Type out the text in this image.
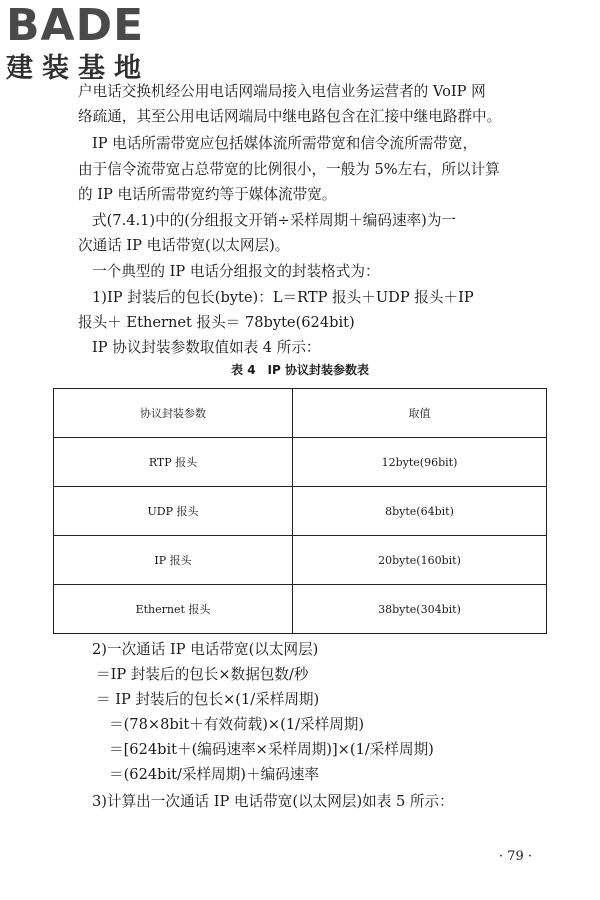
BADE
建装基地
户电话交换机经公用电话网端局接入电信业务运营者的 VoIP 网
络疏通，其至公用电话网端局中继电路包含在汇接中继电路群中。
IP 电话所需带宽应包括媒体流所需带宽和信令流所需带宽，
由于信令流带宽占总带宽的比例很小，一般为 5%左右，所以计算
的 IP 电话所需带宽约等于媒体流带宽。
式(7.4.1)中的(分组报文开销÷采样周期＋编码速率)为一
次通话 IP 电话带宽(以太网层)。
一个典型的 IP 电话分组报文的封装格式为：
1)IP 封装后的包长(byte)：L＝RTP 报头＋UDP 报头＋IP
报头＋ Ethernet 报头＝ 78byte(624bit)
IP 协议封装参数取值如表 4 所示：
表 4　IP 协议封装参数表
协议封装参数	取值
RTP 报头	12byte(96bit)
UDP 报头	8byte(64bit)
IP 报头	20byte(160bit)
Ethernet 报头	38byte(304bit)
2)一次通话 IP 电话带宽(以太网层)
＝IP 封装后的包长×数据包数/秒
＝ IP 封装后的包长×(1/采样周期)
＝(78×8bit＋有效荷载)×(1/采样周期)
＝[624bit＋(编码速率×采样周期)]×(1/采样周期)
＝(624bit/采样周期)＋编码速率
3)计算出一次通话 IP 电话带宽(以太网层)如表 5 所示：
· 79 ·
